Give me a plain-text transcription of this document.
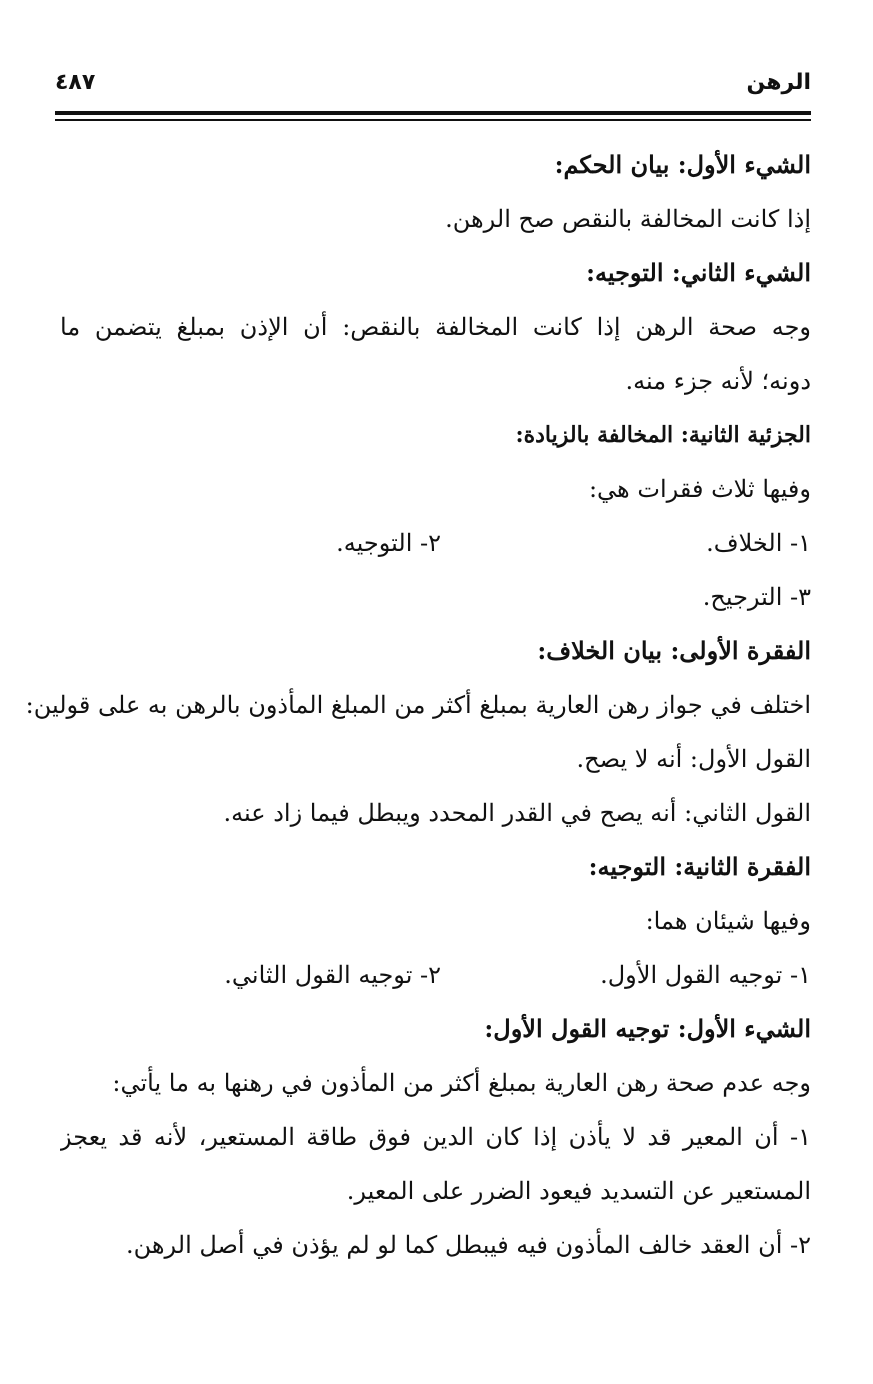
الرهن
٤٨٧
الشيء الأول: بيان الحكم:
إذا كانت المخالفة بالنقص صح الرهن.
الشيء الثاني: التوجيه:
وجه صحة الرهن إذا كانت المخالفة بالنقص: أن الإذن بمبلغ يتضمن ما
دونه؛ لأنه جزء منه.
الجزئية الثانية: المخالفة بالزيادة:
وفيها ثلاث فقرات هي:
١- الخلاف.
٢- التوجيه.
٣- الترجيح.
الفقرة الأولى: بيان الخلاف:
اختلف في جواز رهن العارية بمبلغ أكثر من المبلغ المأذون بالرهن به على قولين:
القول الأول: أنه لا يصح.
القول الثاني: أنه يصح في القدر المحدد ويبطل فيما زاد عنه.
الفقرة الثانية: التوجيه:
وفيها شيئان هما:
١- توجيه القول الأول.
٢- توجيه القول الثاني.
الشيء الأول: توجيه القول الأول:
وجه عدم صحة رهن العارية بمبلغ أكثر من المأذون في رهنها به ما يأتي:
١- أن المعير قد لا يأذن إذا كان الدين فوق طاقة المستعير، لأنه قد يعجز
المستعير عن التسديد فيعود الضرر على المعير.
٢- أن العقد خالف المأذون فيه فيبطل كما لو لم يؤذن في أصل الرهن.
